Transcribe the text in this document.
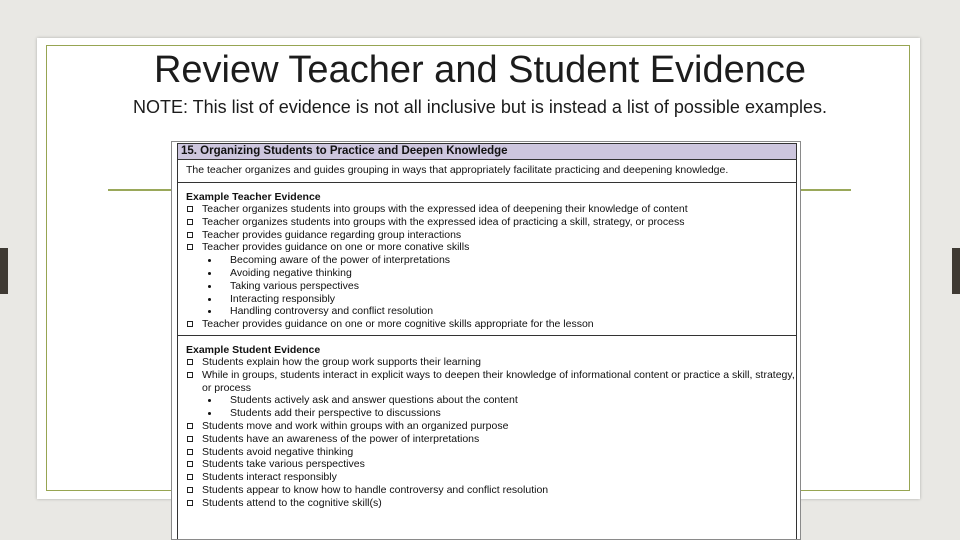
Review Teacher and Student Evidence
NOTE: This list of evidence is not all inclusive but is instead a list of possible examples.
15. Organizing Students to Practice and Deepen Knowledge
The teacher organizes and guides grouping in ways that appropriately facilitate practicing and deepening knowledge.
Example Teacher Evidence
Teacher organizes students into groups with the expressed idea of deepening their knowledge of content
Teacher organizes students into groups with the expressed idea of practicing a skill, strategy, or process
Teacher provides guidance regarding group interactions
Teacher provides guidance on one or more conative skills
Becoming aware of the power of interpretations
Avoiding negative thinking
Taking various perspectives
Interacting responsibly
Handling controversy and conflict resolution
Teacher provides guidance on one or more cognitive skills appropriate for the lesson
Example Student Evidence
Students explain how the group work supports their learning
While in groups, students interact in explicit ways to deepen their knowledge of informational content or practice a skill, strategy, or process
Students actively ask and answer questions about the content
Students add their perspective to discussions
Students move and work within groups with an organized purpose
Students have an awareness of the power of interpretations
Students avoid negative thinking
Students take various perspectives
Students interact responsibly
Students appear to know how to handle controversy and conflict resolution
Students attend to the cognitive skill(s)
